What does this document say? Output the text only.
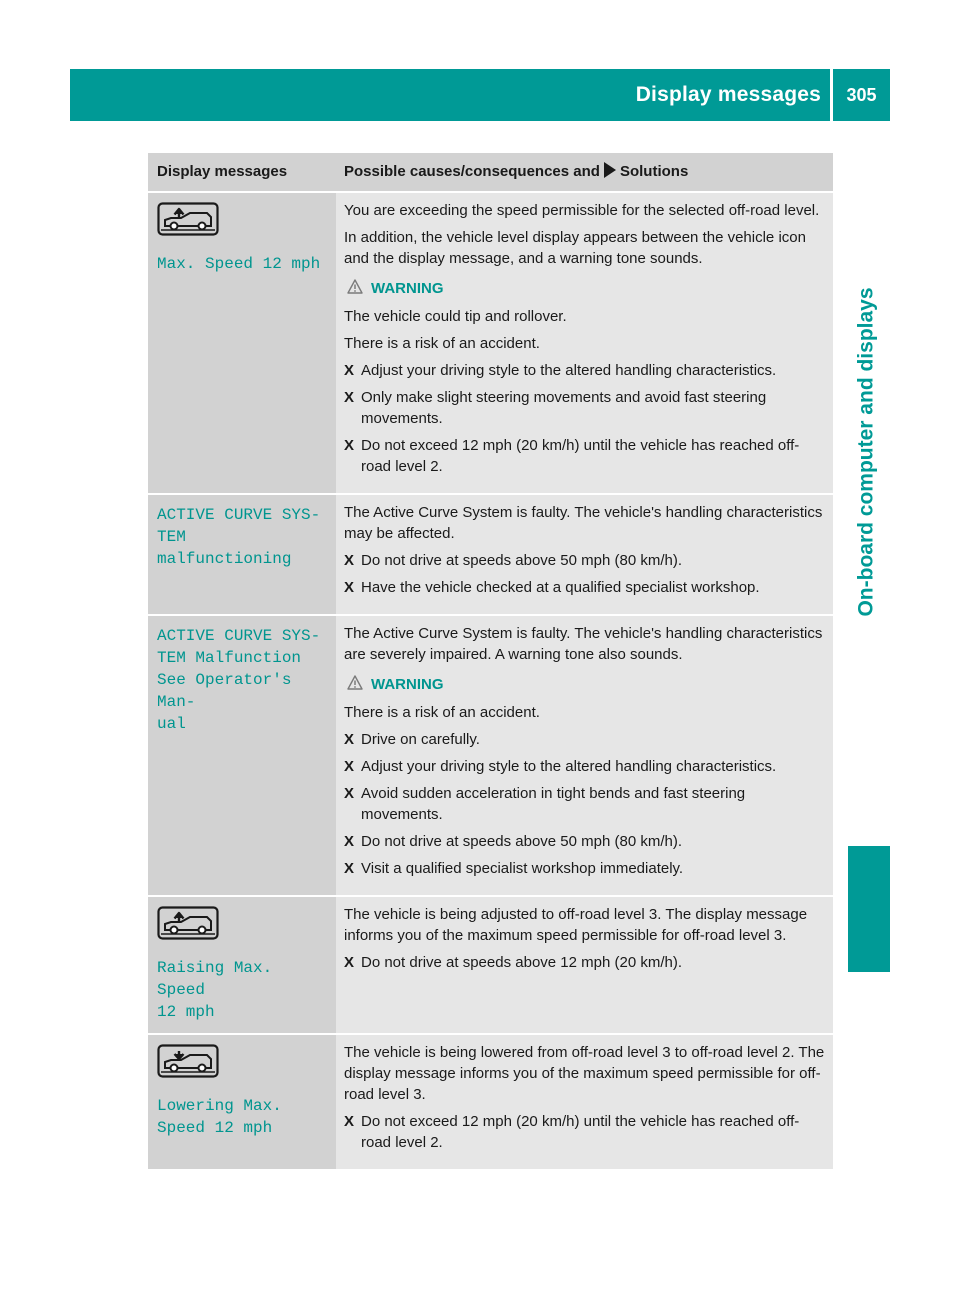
Display messages	305
On-board computer and displays
Display messages	Possible causes/consequences and Solutions
Max. Speed 12 mph

You are exceeding the speed permissible for the selected off-road level.

In addition, the vehicle level display appears between the vehicle icon and the display message, and a warning tone sounds.

WARNING

The vehicle could tip and rollover.

There is a risk of an accident.

X Adjust your driving style to the altered handling characteristics.
X Only make slight steering movements and avoid fast steering movements.
X Do not exceed 12 mph (20 km/h) until the vehicle has reached off-road level 2.
ACTIVE CURVE SYS‑
TEM malfunctioning

The Active Curve System is faulty. The vehicle's handling characteristics may be affected.

X Do not drive at speeds above 50 mph (80 km/h).
X Have the vehicle checked at a qualified specialist workshop.
ACTIVE CURVE SYS‑
TEM Malfunction
See Operator's Man‑
ual

The Active Curve System is faulty. The vehicle's handling characteristics are severely impaired. A warning tone also sounds.

WARNING

There is a risk of an accident.

X Drive on carefully.
X Adjust your driving style to the altered handling characteristics.
X Avoid sudden acceleration in tight bends and fast steering movements.
X Do not drive at speeds above 50 mph (80 km/h).
X Visit a qualified specialist workshop immediately.
Raising Max. Speed
12 mph

The vehicle is being adjusted to off-road level 3. The display message informs you of the maximum speed permissible for off-road level 3.

X Do not drive at speeds above 12 mph (20 km/h).
Lowering Max.
Speed 12 mph

The vehicle is being lowered from off-road level 3 to off-road level 2. The display message informs you of the maximum speed permissible for off-road level 3.

X Do not exceed 12 mph (20 km/h) until the vehicle has reached off-road level 2.
